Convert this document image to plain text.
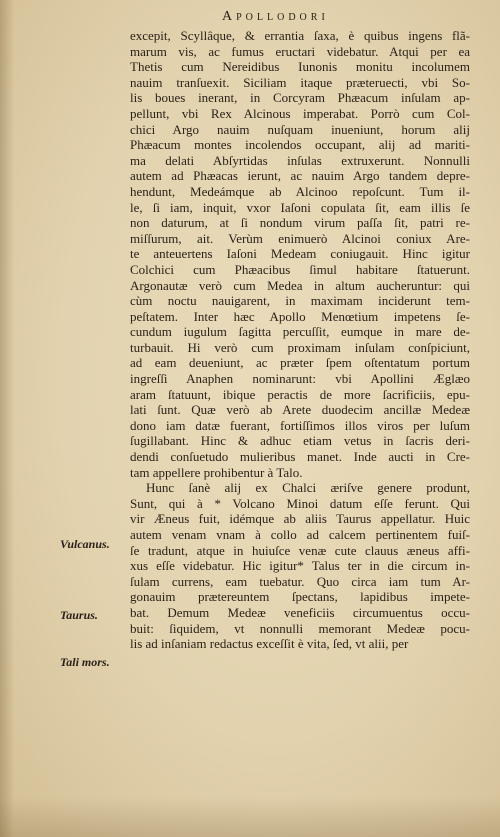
Apollodori
Vulcanus.
Taurus.
Tali mors.
excepit, Scyllâque, & errantia ſaxa, è quibus ingens flã-
marum vis, ac fumus eructari videbatur. Atqui per ea
Thetis cum Nereidibus Iunonis monitu incolumem
nauim tranſuexit. Siciliam itaque præteruecti, vbi So-
lis boues inerant, in Corcyram Phæacum inſulam ap-
pellunt, vbi Rex Alcinous imperabat. Porrò cum Col-
chici Argo nauim nuſquam inueniunt, horum alij
Phæacum montes incolendos occupant, alij ad mariti-
ma delati Abſyrtidas inſulas extruxerunt. Nonnulli
autem ad Phæacas ierunt, ac nauim Argo tandem depre-
hendunt, Medeámque ab Alcinoo repoſcunt. Tum il-
le, ſi iam, inquit, vxor Iaſoni copulata ſit, eam illis ſe
non daturum, at ſi nondum virum paſſa ſit, patri re-
miſſurum, ait. Verùm enimuerò Alcinoi coniux Are-
te anteuertens Iaſoni Medeam coniugauit. Hinc igitur
Colchici cum Phæacibus ſimul habitare ſtatuerunt.
Argonautæ verò cum Medea in altum aucheruntur: qui
cùm noctu nauigarent, in maximam inciderunt tem-
peſtatem. Inter hæc Apollo Menœtium impetens ſe-
cundum iugulum ſagitta percuſſit, eumque in mare de-
turbauit. Hi verò cum proximam inſulam conſpiciunt,
ad eam deueniunt, ac præter ſpem oſtentatum portum
ingreſſi Anaphen nominarunt: vbi Apollini Æglæo
aram ſtatuunt, ibique peractis de more ſacrificiis, epu-
lati ſunt. Quæ verò ab Arete duodecim ancillæ Medeæ
dono iam datæ fuerant, fortiſſimos illos viros per luſum
ſugillabant. Hinc & adhuc etiam vetus in ſacris deri-
dendi conſuetudo mulieribus manet. Inde aucti in Cre-
tam appellere prohibentur à Talo.
Hunc ſanè alij ex Chalci æriſve genere produnt,
Sunt, qui à * Volcano Minoi datum eſſe ferunt. Qui
vir Æneus fuit, idémque ab aliis Taurus appellatur. Huic
autem venam vnam à collo ad calcem pertinentem fuiſ-
ſe tradunt, atque in huiuſce venæ cute clauus æneus affi-
xus eſſe videbatur. Hic igitur* Talus ter in die circum in-
ſulam currens, eam tuebatur. Quo circa iam tum Ar-
gonauim prætereuntem ſpectans, lapidibus impete-
bat. Demum Medeæ veneficiis circumuentus occu-
buit: ſiquidem, vt nonnulli memorant Medeæ pocu-
lis ad inſaniam redactus exceſſit è vita, ſed, vt alii, per
